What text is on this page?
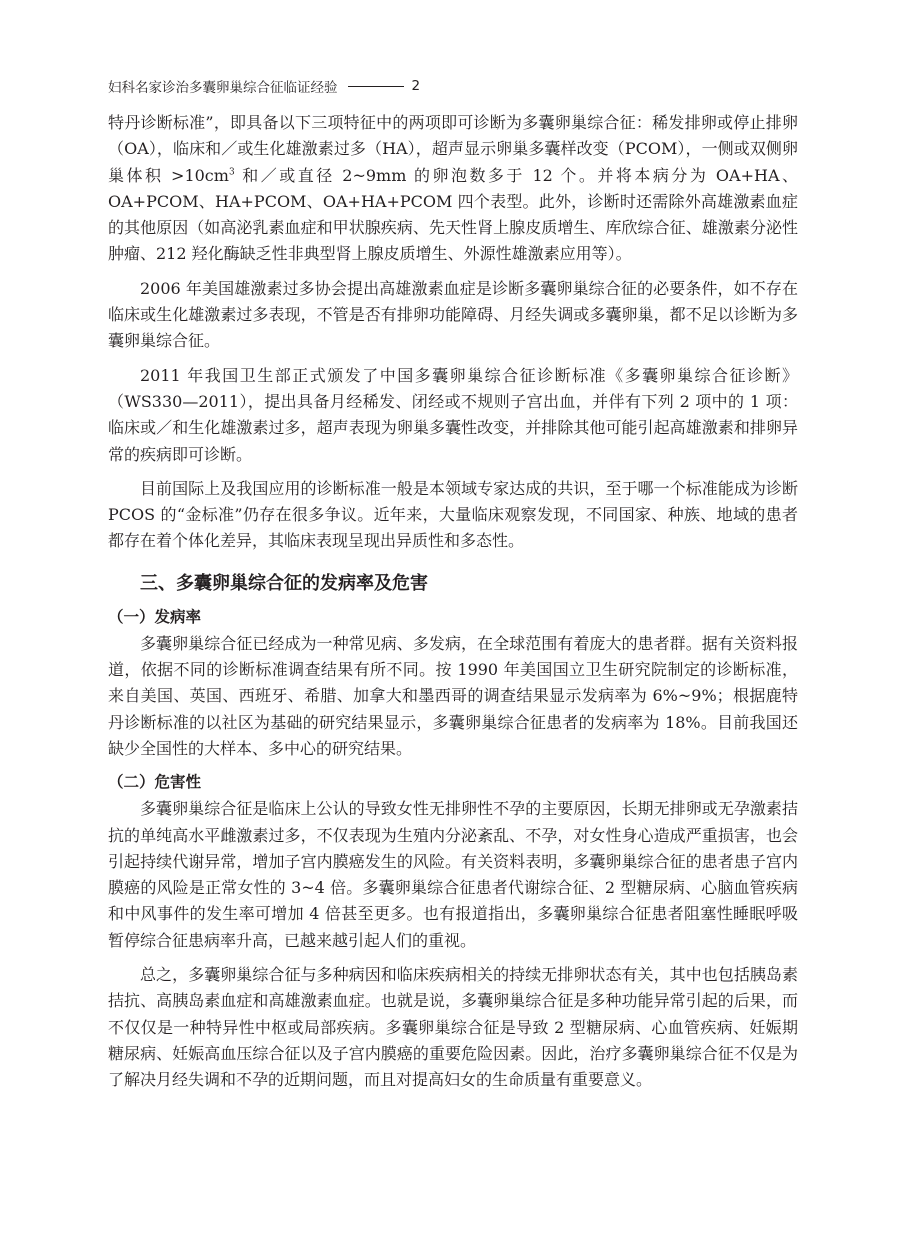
妇科名家诊治多囊卵巢综合征临证经验	2

特丹诊断标准”，即具备以下三项特征中的两项即可诊断为多囊卵巢综合征：稀发排卵或停止排卵（OA），临床和／或生化雄激素过多（HA），超声显示卵巢多囊样改变（PCOM），一侧或双侧卵巢体积 $>10cm^3$ 和／或直径 2~9mm 的卵泡数多于 12 个。并将本病分为 OA+HA、OA+PCOM、HA+PCOM、OA+HA+PCOM 四个表型。此外，诊断时还需除外高雄激素血症的其他原因（如高泌乳素血症和甲状腺疾病、先天性肾上腺皮质增生、库欣综合征、雄激素分泌性肿瘤、212 羟化酶缺乏性非典型肾上腺皮质增生、外源性雄激素应用等）。

2006 年美国雄激素过多协会提出高雄激素血症是诊断多囊卵巢综合征的必要条件，如不存在临床或生化雄激素过多表现，不管是否有排卵功能障碍、月经失调或多囊卵巢，都不足以诊断为多囊卵巢综合征。

2011 年我国卫生部正式颁发了中国多囊卵巢综合征诊断标准《多囊卵巢综合征诊断》（WS330—2011），提出具备月经稀发、闭经或不规则子宫出血，并伴有下列 2 项中的 1 项：临床或／和生化雄激素过多，超声表现为卵巢多囊性改变，并排除其他可能引起高雄激素和排卵异常的疾病即可诊断。

目前国际上及我国应用的诊断标准一般是本领域专家达成的共识，至于哪一个标准能成为诊断 PCOS 的“金标准”仍存在很多争议。近年来，大量临床观察发现，不同国家、种族、地域的患者都存在着个体化差异，其临床表现呈现出异质性和多态性。

三、多囊卵巢综合征的发病率及危害
（一）发病率

多囊卵巢综合征已经成为一种常见病、多发病，在全球范围有着庞大的患者群。据有关资料报道，依据不同的诊断标准调查结果有所不同。按 1990 年美国国立卫生研究院制定的诊断标准，来自美国、英国、西班牙、希腊、加拿大和墨西哥的调查结果显示发病率为 6%~9%；根据鹿特丹诊断标准的以社区为基础的研究结果显示，多囊卵巢综合征患者的发病率为 18%。目前我国还缺少全国性的大样本、多中心的研究结果。

（二）危害性

多囊卵巢综合征是临床上公认的导致女性无排卵性不孕的主要原因，长期无排卵或无孕激素拮抗的单纯高水平雌激素过多，不仅表现为生殖内分泌紊乱、不孕，对女性身心造成严重损害，也会引起持续代谢异常，增加子宫内膜癌发生的风险。有关资料表明，多囊卵巢综合征的患者患子宫内膜癌的风险是正常女性的 3~4 倍。多囊卵巢综合征患者代谢综合征、2 型糖尿病、心脑血管疾病和中风事件的发生率可增加 4 倍甚至更多。也有报道指出，多囊卵巢综合征患者阻塞性睡眠呼吸暂停综合征患病率升高，已越来越引起人们的重视。

总之，多囊卵巢综合征与多种病因和临床疾病相关的持续无排卵状态有关，其中也包括胰岛素拮抗、高胰岛素血症和高雄激素血症。也就是说，多囊卵巢综合征是多种功能异常引起的后果，而不仅仅是一种特异性中枢或局部疾病。多囊卵巢综合征是导致 2 型糖尿病、心血管疾病、妊娠期糖尿病、妊娠高血压综合征以及子宫内膜癌的重要危险因素。因此，治疗多囊卵巢综合征不仅是为了解决月经失调和不孕的近期问题，而且对提高妇女的生命质量有重要意义。
